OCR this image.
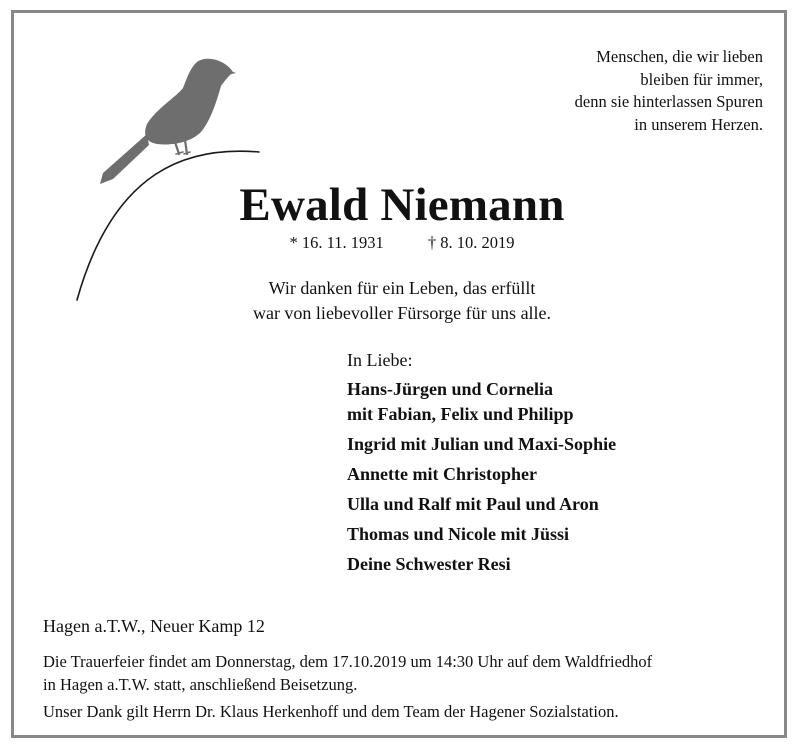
Menschen, die wir lieben
bleiben für immer,
denn sie hinterlassen Spuren
in unserem Herzen.
Ewald Niemann
* 16. 11. 1931	† 8. 10. 2019
Wir danken für ein Leben, das erfüllt
war von liebevoller Fürsorge für uns alle.
In Liebe:
Hans-Jürgen und Cornelia
mit Fabian, Felix und Philipp
Ingrid mit Julian und Maxi-Sophie
Annette mit Christopher
Ulla und Ralf mit Paul und Aron
Thomas und Nicole mit Jüssi
Deine Schwester Resi
Hagen a.T.W., Neuer Kamp 12

Die Trauerfeier findet am Donnerstag, dem 17.10.2019 um 14:30 Uhr auf dem Waldfriedhof

in Hagen a.T.W. statt, anschließend Beisetzung.

Unser Dank gilt Herrn Dr. Klaus Herkenhoff und dem Team der Hagener Sozialstation.
